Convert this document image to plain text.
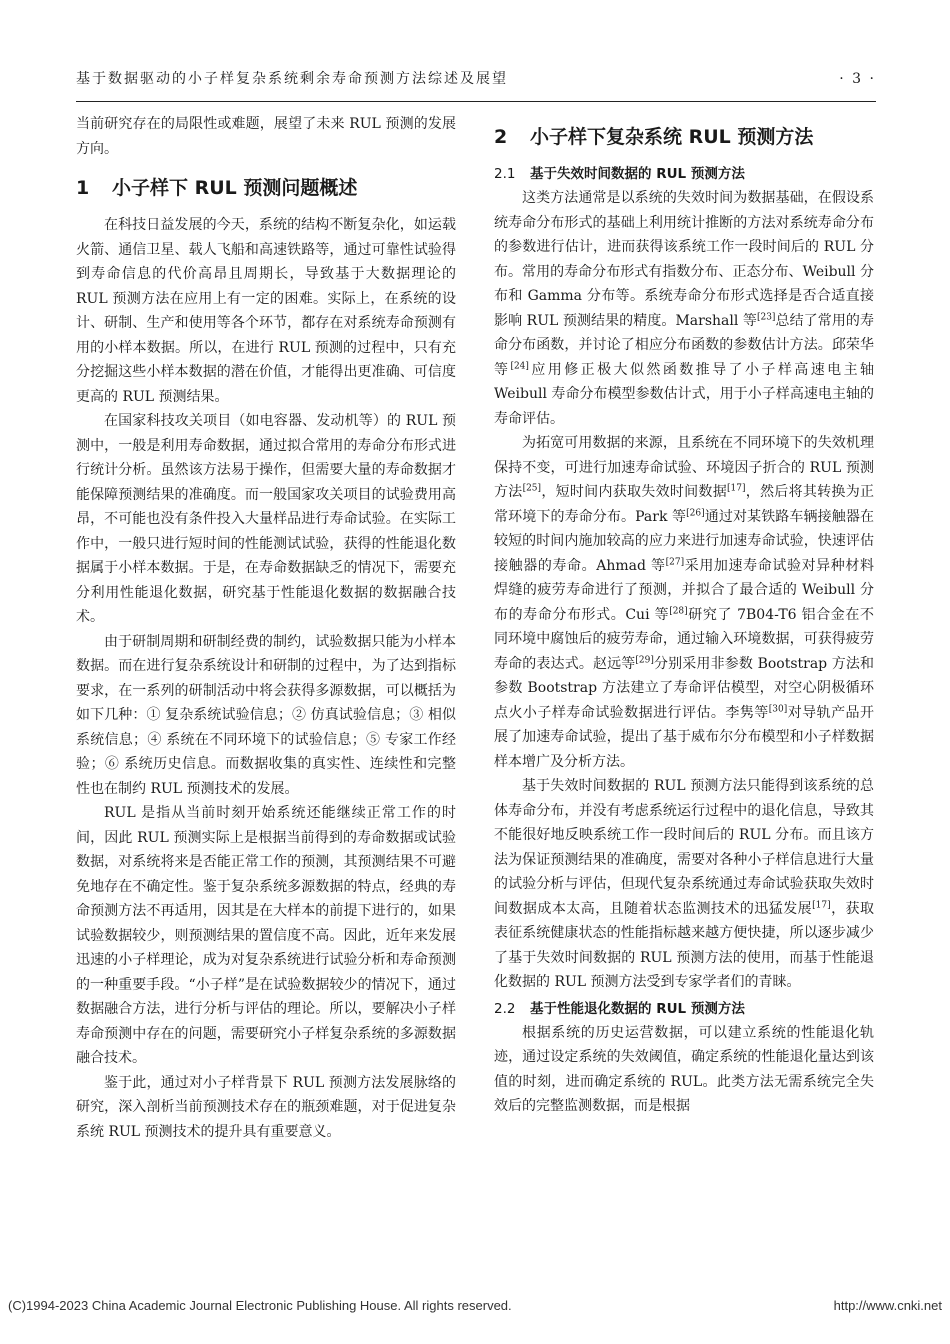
基于数据驱动的小子样复杂系统剩余寿命预测方法综述及展望	· 3 ·

当前研究存在的局限性或难题，展望了未来 RUL 预测的发展方向。

1 小子样下 RUL 预测问题概述

在科技日益发展的今天，系统的结构不断复杂化，如运载火箭、通信卫星、载人飞船和高速铁路等，通过可靠性试验得到寿命信息的代价高昂且周期长，导致基于大数据理论的 RUL 预测方法在应用上有一定的困难。实际上，在系统的设计、研制、生产和使用等各个环节，都存在对系统寿命预测有用的小样本数据。所以，在进行 RUL 预测的过程中，只有充分挖掘这些小样本数据的潜在价值，才能得出更准确、可信度更高的 RUL 预测结果。

在国家科技攻关项目（如电容器、发动机等）的 RUL 预测中，一般是利用寿命数据，通过拟合常用的寿命分布形式进行统计分析。虽然该方法易于操作，但需要大量的寿命数据才能保障预测结果的准确度。而一般国家攻关项目的试验费用高昂，不可能也没有条件投入大量样品进行寿命试验。在实际工作中，一般只进行短时间的性能测试试验，获得的性能退化数据属于小样本数据。于是，在寿命数据缺乏的情况下，需要充分利用性能退化数据，研究基于性能退化数据的数据融合技术。

由于研制周期和研制经费的制约，试验数据只能为小样本数据。而在进行复杂系统设计和研制的过程中，为了达到指标要求，在一系列的研制活动中将会获得多源数据，可以概括为如下几种：① 复杂系统试验信息；② 仿真试验信息；③ 相似系统信息；④ 系统在不同环境下的试验信息；⑤ 专家工作经验；⑥ 系统历史信息。而数据收集的真实性、连续性和完整性也在制约 RUL 预测技术的发展。

RUL 是指从当前时刻开始系统还能继续正常工作的时间，因此 RUL 预测实际上是根据当前得到的寿命数据或试验数据，对系统将来是否能正常工作的预测，其预测结果不可避免地存在不确定性。鉴于复杂系统多源数据的特点，经典的寿命预测方法不再适用，因其是在大样本的前提下进行的，如果试验数据较少，则预测结果的置信度不高。因此，近年来发展迅速的小子样理论，成为对复杂系统进行试验分析和寿命预测的一种重要手段。“小子样”是在试验数据较少的情况下，通过数据融合方法，进行分析与评估的理论。所以，要解决小子样寿命预测中存在的问题，需要研究小子样复杂系统的多源数据融合技术。

鉴于此，通过对小子样背景下 RUL 预测方法发展脉络的研究，深入剖析当前预测技术存在的瓶颈难题，对于促进复杂系统 RUL 预测技术的提升具有重要意义。

2 小子样下复杂系统 RUL 预测方法
2.1 基于失效时间数据的 RUL 预测方法

这类方法通常是以系统的失效时间为数据基础，在假设系统寿命分布形式的基础上利用统计推断的方法对系统寿命分布的参数进行估计，进而获得该系统工作一段时间后的 RUL 分布。常用的寿命分布形式有指数分布、正态分布、Weibull 分布和 Gamma 分布等。系统寿命分布形式选择是否合适直接影响 RUL 预测结果的精度。Marshall 等[23]总结了常用的寿命分布函数，并讨论了相应分布函数的参数估计方法。邱荣华等[24]应用修正极大似然函数推导了小子样高速电主轴 Weibull 寿命分布模型参数估计式，用于小子样高速电主轴的寿命评估。

为拓宽可用数据的来源，且系统在不同环境下的失效机理保持不变，可进行加速寿命试验、环境因子折合的 RUL 预测方法[25]，短时间内获取失效时间数据[17]，然后将其转换为正常环境下的寿命分布。Park 等[26]通过对某铁路车辆接触器在较短的时间内施加较高的应力来进行加速寿命试验，快速评估接触器的寿命。Ahmad 等[27]采用加速寿命试验对异种材料焊缝的疲劳寿命进行了预测，并拟合了最合适的 Weibull 分布的寿命分布形式。Cui 等[28]研究了 7B04-T6 铝合金在不同环境中腐蚀后的疲劳寿命，通过输入环境数据，可获得疲劳寿命的表达式。赵远等[29]分别采用非参数 Bootstrap 方法和参数 Bootstrap 方法建立了寿命评估模型，对空心阴极循环点火小子样寿命试验数据进行评估。李隽等[30]对导轨产品开展了加速寿命试验，提出了基于威布尔分布模型和小子样数据样本增广及分析方法。

基于失效时间数据的 RUL 预测方法只能得到该系统的总体寿命分布，并没有考虑系统运行过程中的退化信息，导致其不能很好地反映系统工作一段时间后的 RUL 分布。而且该方法为保证预测结果的准确度，需要对各种小子样信息进行大量的试验分析与评估，但现代复杂系统通过寿命试验获取失效时间数据成本太高，且随着状态监测技术的迅猛发展[17]，获取表征系统健康状态的性能指标越来越方便快捷，所以逐步减少了基于失效时间数据的 RUL 预测方法的使用，而基于性能退化数据的 RUL 预测方法受到专家学者们的青睐。

2.2 基于性能退化数据的 RUL 预测方法

根据系统的历史运营数据，可以建立系统的性能退化轨迹，通过设定系统的失效阈值，确定系统的性能退化量达到该值的时刻，进而确定系统的 RUL。此类方法无需系统完全失效后的完整监测数据，而是根据

(C)1994-2023 China Academic Journal Electronic Publishing House. All rights reserved.	http://www.cnki.net
